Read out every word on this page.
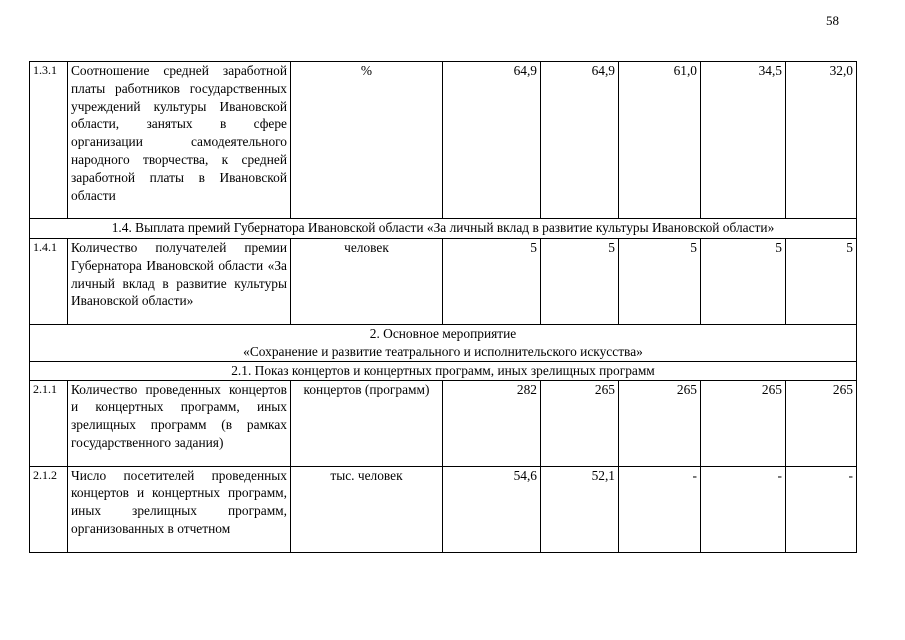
58
1.3.1	Соотношение средней заработной платы работников государственных учреждений культуры Ивановской области, занятых в сфере организации самодеятельного народного творчества, к средней заработной платы в Ивановской области	%	64,9	64,9	61,0	34,5	32,0

1.4. Выплата премий Губернатора Ивановской области «За личный вклад в развитие культуры Ивановской области»							

1.4.1	Количество получателей премии Губернатора Ивановской области «За личный вклад в развитие культуры Ивановской области»	человек	5	5	5	5	5

2. Основное мероприятие
«Сохранение и развитие театрального и исполнительского искусства»							

2.1. Показ концертов и концертных программ, иных зрелищных программ							

2.1.1	Количество проведенных концертов и концертных программ, иных зрелищных программ (в рамках государственного задания)	концертов (программ)	282	265	265	265	265
2.1.2	Число посетителей проведенных концертов и концертных программ, иных зрелищных программ, организованных в отчетном	тыс. человек	54,6	52,1	-	-	-
